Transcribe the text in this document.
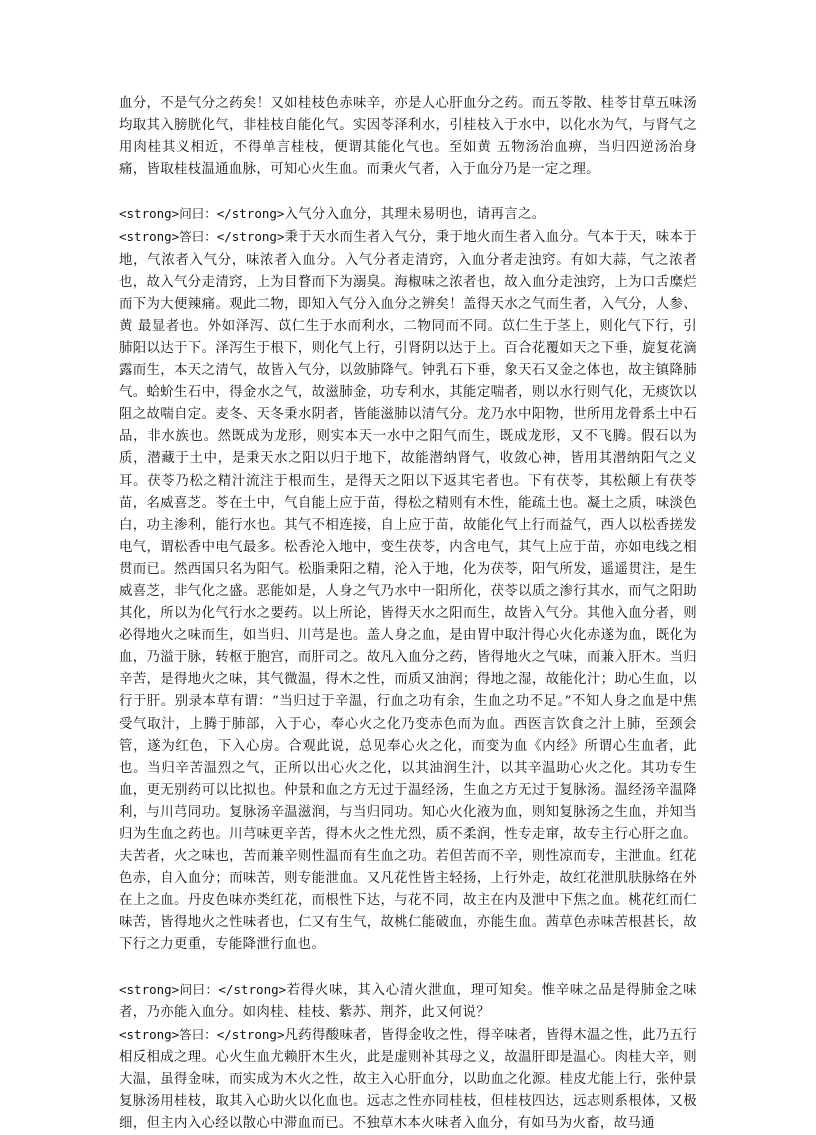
血分，不是气分之药矣！又如桂枝色赤味辛，亦是人心肝血分之药。而五苓散、桂苓甘草五味汤均取其入膀胱化气，非桂枝自能化气。实因苓泽利水，引桂枝入于水中，以化水为气，与肾气之用肉桂其义相近，不得单言桂枝，便谓其能化气也。至如黄 五物汤治血痹，当归四逆汤治身痛，皆取桂枝温通血脉，可知心火生血。而秉火气者，入于血分乃是一定之理。

<strong>问曰：</strong>入气分入血分，其理未易明也，请再言之。

<strong>答曰：</strong>秉于天水而生者入气分，秉于地火而生者入血分。气本于天，味本于地，气浓者入气分，味浓者入血分。入气分者走清窍，入血分者走浊窍。有如大蒜，气之浓者也，故入气分走清窍，上为目瞀而下为溺臭。海椒味之浓者也，故入血分走浊窍，上为口舌糜烂而下为大便辣痛。观此二物，即知入气分入血分之辨矣！盖得天水之气而生者，入气分，人参、黄 最显者也。外如泽泻、苡仁生于水而利水，二物同而不同。苡仁生于茎上，则化气下行，引肺阳以达于下。泽泻生于根下，则化气上行，引肾阴以达于上。百合花覆如天之下垂，旋复花滴露而生，本天之清气，故皆入气分，以敛肺降气。钟乳石下垂，象天石又金之体也，故主镇降肺气。蛤蚧生石中，得金水之气，故滋肺金，功专利水，其能定喘者，则以水行则气化，无痰饮以阻之故喘自定。麦冬、天冬秉水阴者，皆能滋肺以清气分。龙乃水中阳物，世所用龙骨系土中石品，非水族也。然既成为龙形，则实本天一水中之阳气而生，既成龙形，又不飞腾。假石以为质，潜藏于土中，是秉天水之阳以归于地下，故能潜纳肾气，收敛心神，皆用其潜纳阳气之义耳。茯苓乃松之精汁流注于根而生，是得天之阳以下返其宅者也。下有茯苓，其松颠上有茯苓苗，名威喜芝。苓在土中，气自能上应于苗，得松之精则有木性，能疏土也。凝土之质，味淡色白，功主渗利，能行水也。其气不相连接，自上应于苗，故能化气上行而益气，西人以松香搓发电气，谓松香中电气最多。松香沦入地中，变生茯苓，内含电气，其气上应于苗，亦如电线之相贯而已。然西国只名为阳气。松脂秉阳之精，沦入于地，化为茯苓，阳气所发，遥遥贯注，是生威喜芝，非气化之盛。恶能如是，人身之气乃水中一阳所化，茯苓以质之渗行其水，而气之阳助其化，所以为化气行水之要药。以上所论，皆得天水之阳而生，故皆入气分。其他入血分者，则必得地火之味而生，如当归、川芎是也。盖人身之血，是由胃中取汁得心火化赤遂为血，既化为血，乃溢于脉，转枢于胞宫，而肝司之。故凡入血分之药，皆得地火之气味，而兼入肝木。当归辛苦，是得地火之味，其气微温，得木之性，而质又油润；得地之湿，故能化汁；助心生血，以行于肝。别录本草有谓：“当归过于辛温，行血之功有余，生血之功不足。”不知人身之血是中焦受气取汁，上腾于肺部，入于心，奉心火之化乃变赤色而为血。西医言饮食之汁上肺，至颈会管，遂为红色，下入心房。合观此说，总见奉心火之化，而变为血《内经》所谓心生血者，此也。当归辛苦温烈之气，正所以出心火之化，以其油润生汁，以其辛温助心火之化。其功专生血，更无别药可以比拟也。仲景和血之方无过于温经汤，生血之方无过于复脉汤。温经汤辛温降利，与川芎同功。复脉汤辛温滋润，与当归同功。知心火化液为血，则知复脉汤之生血，并知当归为生血之药也。川芎味更辛苦，得木火之性尤烈，质不柔润，性专走窜，故专主行心肝之血。夫苦者，火之味也，苦而兼辛则性温而有生血之功。若但苦而不辛，则性凉而专，主泄血。红花色赤，自入血分；而味苦，则专能泄血。又凡花性皆主轻扬，上行外走，故红花泄肌肤脉络在外在上之血。丹皮色味亦类红花，而根性下达，与花不同，故主在内及泄中下焦之血。桃花红而仁味苦，皆得地火之性味者也，仁又有生气，故桃仁能破血，亦能生血。茜草色赤味苦根甚长，故下行之力更重，专能降泄行血也。

<strong>问曰：</strong>若得火味，其入心清火泄血，理可知矣。惟辛味之品是得肺金之味者，乃亦能入血分。如肉桂、桂枝、紫苏、荆芥，此又何说？

<strong>答曰：</strong>凡药得酸味者，皆得金收之性，得辛味者，皆得木温之性，此乃五行相反相成之理。心火生血尤赖肝木生火，此是虚则补其母之义，故温肝即是温心。肉桂大辛，则大温，虽得金味，而实成为木火之性，故主入心肝血分，以助血之化源。桂皮尤能上行，张仲景复脉汤用桂枝，取其入心助火以化血也。远志之性亦同桂枝，但桂枝四达，远志则系根体，又极细，但主内入心经以散心中滞血而已。不独草木本火味者入血分，有如马为火畜，故马通
